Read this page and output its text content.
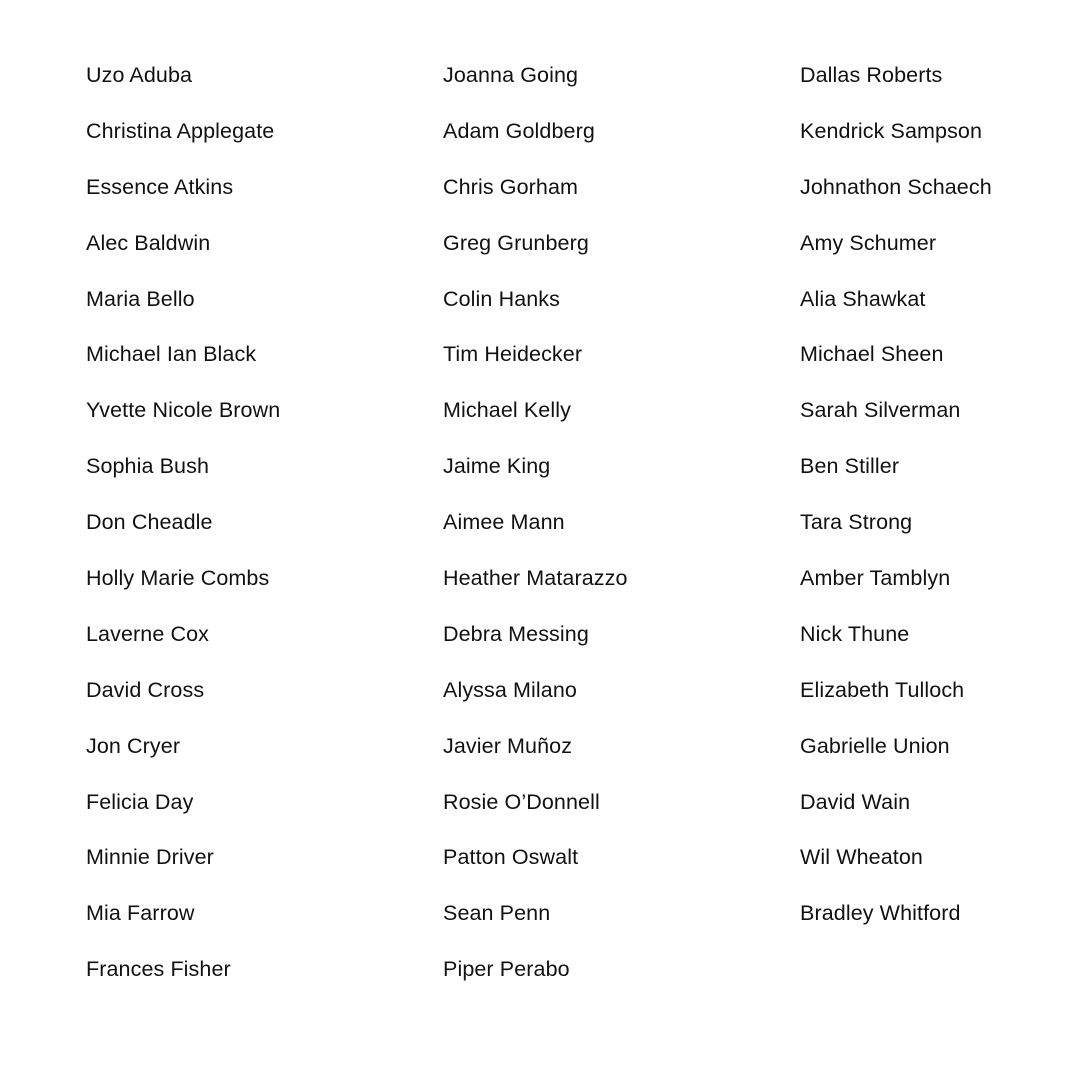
Uzo Aduba
Christina Applegate
Essence Atkins
Alec Baldwin
Maria Bello
Michael Ian Black
Yvette Nicole Brown
Sophia Bush
Don Cheadle
Holly Marie Combs
Laverne Cox
David Cross
Jon Cryer
Felicia Day
Minnie Driver
Mia Farrow
Frances Fisher
Joanna Going
Adam Goldberg
Chris Gorham
Greg Grunberg
Colin Hanks
Tim Heidecker
Michael Kelly
Jaime King
Aimee Mann
Heather Matarazzo
Debra Messing
Alyssa Milano
Javier Muñoz
Rosie O’Donnell
Patton Oswalt
Sean Penn
Piper Perabo
Dallas Roberts
Kendrick Sampson
Johnathon Schaech
Amy Schumer
Alia Shawkat
Michael Sheen
Sarah Silverman
Ben Stiller
Tara Strong
Amber Tamblyn
Nick Thune
Elizabeth Tulloch
Gabrielle Union
David Wain
Wil Wheaton
Bradley Whitford
